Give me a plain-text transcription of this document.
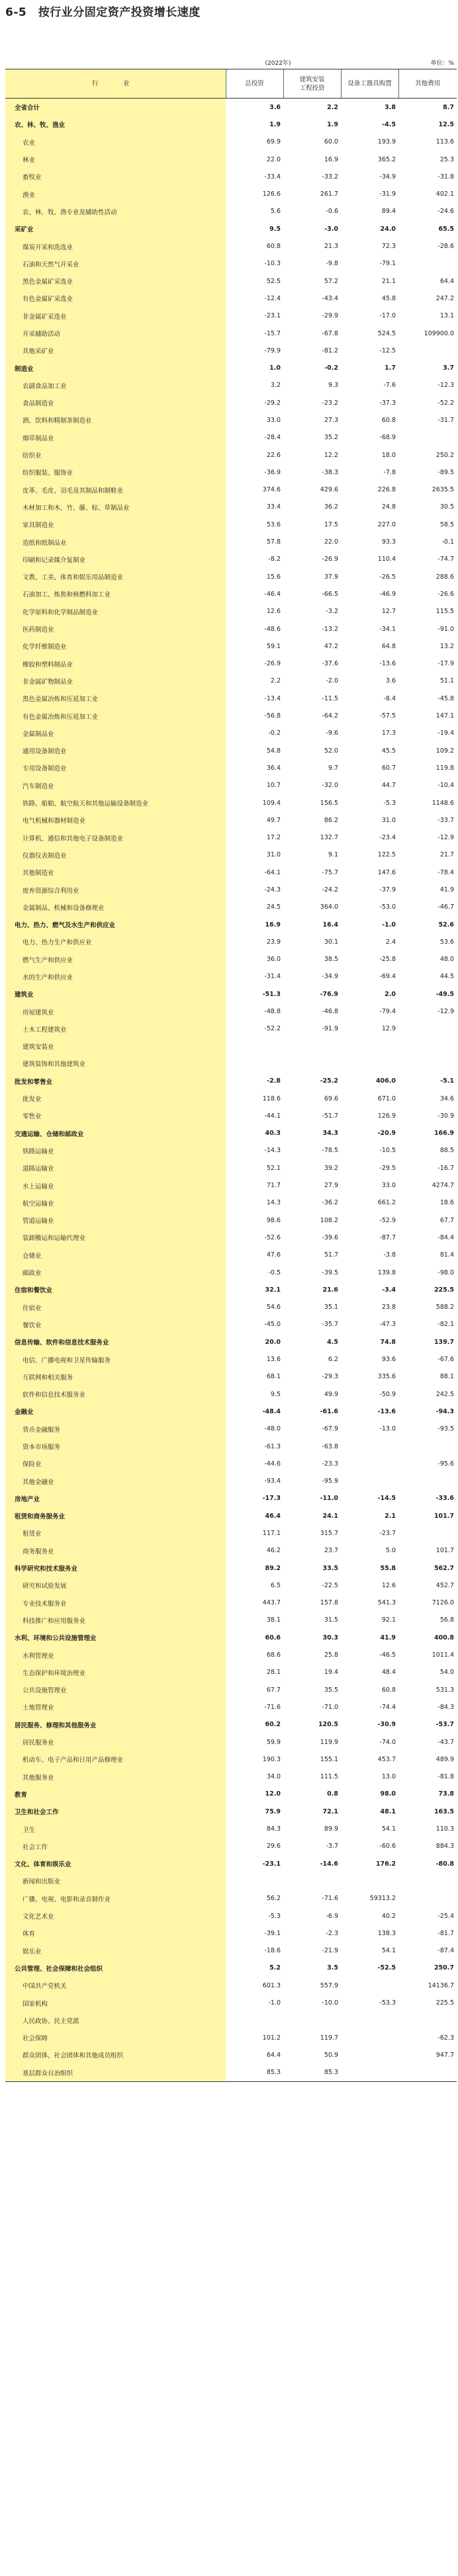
6-5　按行业分固定资产投资增长速度
(2022年)	单位：%
行　业	总投资	建筑安装
工程投资	设备工器具购置	其他费用
全省合计	3.6	2.2	3.8	8.7
农、林、牧、渔业	1.9	1.9	-4.5	12.5
农业	69.9	60.0	193.9	113.6
林业	22.0	16.9	365.2	25.3
畜牧业	-33.4	-33.2	-34.9	-31.8
渔业	126.6	261.7	-31.9	402.1
农、林、牧、渔专业及辅助性活动	5.6	-0.6	89.4	-24.6
采矿业	9.5	-3.0	24.0	65.5
煤炭开采和洗选业	60.8	21.3	72.3	-28.6
石油和天然气开采业	-10.3	-9.8	-79.1	
黑色金属矿采选业	52.5	57.2	21.1	64.4
有色金属矿采选业	-12.4	-43.4	45.8	247.2
非金属矿采选业	-23.1	-29.9	-17.0	13.1
开采辅助活动	-15.7	-67.8	524.5	109900.0
其他采矿业	-79.9	-81.2	-12.5	
制造业	1.0	-0.2	1.7	3.7
农副食品加工业	3.2	9.3	-7.6	-12.3
食品制造业	-29.2	-23.2	-37.3	-52.2
酒、饮料和精制茶制造业	33.0	27.3	60.8	-31.7
烟草制品业	-28.4	35.2	-68.9	
纺织业	22.6	12.2	18.0	250.2
纺织服装、服饰业	-36.9	-38.3	-7.8	-89.5
皮革、毛皮、羽毛及其制品和制鞋业	374.6	429.6	226.8	2635.5
木材加工和木、竹、藤、棕、草制品业	33.4	36.2	24.8	30.5
家具制造业	53.6	17.5	227.0	58.5
造纸和纸制品业	57.8	22.0	93.3	-0.1
印刷和记录媒介复制业	-8.2	-26.9	110.4	-74.7
文教、工美、体育和娱乐用品制造业	15.6	37.9	-26.5	288.6
石油加工、炼焦和核燃料加工业	-46.4	-66.5	-46.9	-26.6
化学原料和化学制品制造业	12.6	-3.2	12.7	115.5
医药制造业	-48.6	-13.2	-34.1	-91.0
化学纤维制造业	59.1	47.2	64.8	13.2
橡胶和塑料制品业	-26.9	-37.6	-13.6	-17.9
非金属矿物制品业	2.2	-2.0	3.6	51.1
黑色金属冶炼和压延加工业	-13.4	-11.5	-8.4	-45.8
有色金属冶炼和压延加工业	-56.8	-64.2	-57.5	147.1
金属制品业	-0.2	-9.6	17.3	-19.4
通用设备制造业	54.8	52.0	45.5	109.2
专用设备制造业	36.4	9.7	60.7	119.8
汽车制造业	10.7	-32.0	44.7	-10.4
铁路、船舶、航空航天和其他运输设备制造业	109.4	156.5	-5.3	1148.6
电气机械和器材制造业	49.7	86.2	31.0	-33.7
计算机、通信和其他电子设备制造业	17.2	132.7	-23.4	-12.9
仪器仪表制造业	31.0	9.1	122.5	21.7
其他制造业	-64.1	-75.7	147.6	-78.4
废弃资源综合利用业	-24.3	-24.2	-37.9	41.9
金属制品、机械和设备修理业	24.5	364.0	-53.0	-46.7
电力、热力、燃气及水生产和供应业	16.9	16.4	-1.0	52.6
电力、热力生产和供应业	23.9	30.1	2.4	53.6
燃气生产和供应业	36.0	38.5	-25.8	48.0
水的生产和供应业	-31.4	-34.9	-69.4	44.5
建筑业	-51.3	-76.9	2.0	-49.5
房屋建筑业	-48.8	-46.8	-79.4	-12.9
土木工程建筑业	-52.2	-91.9	12.9	
建筑安装业				
建筑装饰和其他建筑业				
批发和零售业	-2.8	-25.2	406.0	-5.1
批发业	118.6	69.6	671.0	34.6
零售业	-44.1	-51.7	126.9	-30.9
交通运输、仓储和邮政业	40.3	34.3	-20.9	166.9
铁路运输业	-14.3	-78.5	-10.5	88.5
道路运输业	52.1	39.2	-29.5	-16.7
水上运输业	71.7	27.9	33.0	4274.7
航空运输业	14.3	-36.2	661.2	18.6
管道运输业	98.6	108.2	-52.9	67.7
装卸搬运和运输代理业	-52.6	-39.6	-87.7	-84.4
仓储业	47.6	51.7	-3.8	81.4
邮政业	-0.5	-39.5	139.8	-98.0
住宿和餐饮业	32.1	21.6	-3.4	225.5
住宿业	54.6	35.1	23.8	588.2
餐饮业	-45.0	-35.7	-47.3	-82.1
信息传输、软件和信息技术服务业	20.0	4.5	74.8	139.7
电信、广播电视和卫星传输服务	13.6	6.2	93.6	-67.6
互联网和相关服务	68.1	-29.3	335.6	88.1
软件和信息技术服务业	9.5	49.9	-50.9	242.5
金融业	-48.4	-61.6	-13.6	-94.3
货币金融服务	-48.0	-67.9	-13.0	-93.5
资本市场服务	-61.3	-63.8		
保险业	-44.6	-23.3		-95.6
其他金融业	-93.4	-95.9		
房地产业	-17.3	-11.0	-14.5	-33.6
租赁和商务服务业	46.4	24.1	2.1	101.7
租赁业	117.1	315.7	-23.7	
商务服务业	46.2	23.7	5.0	101.7
科学研究和技术服务业	89.2	33.5	55.8	562.7
研究和试验发展	6.5	-22.5	12.6	452.7
专业技术服务业	443.7	157.8	541.3	7126.0
科技推广和应用服务业	38.1	31.5	92.1	56.8
水利、环境和公共设施管理业	60.6	30.3	41.9	400.8
水利管理业	68.6	25.8	-46.5	1011.4
生态保护和环境治理业	28.1	19.4	48.4	54.0
公共设施管理业	67.7	35.5	60.8	531.3
土地管理业	-71.6	-71.0	-74.4	-84.3
居民服务、修理和其他服务业	60.2	120.5	-30.9	-53.7
居民服务业	59.9	119.9	-74.0	-43.7
机动车、电子产品和日用产品修理业	190.3	155.1	453.7	489.9
其他服务业	34.0	111.5	13.0	-81.8
教育	12.0	0.8	98.0	73.8
卫生和社会工作	75.9	72.1	48.1	163.5
卫生	84.3	89.9	54.1	110.3
社会工作	29.6	-3.7	-60.6	884.3
文化、体育和娱乐业	-23.1	-14.6	176.2	-80.8
新闻和出版业				
广播、电视、电影和录音制作业	56.2	-71.6	59313.2	
文化艺术业	-5.3	-6.9	40.2	-25.4
体育	-39.1	-2.3	138.3	-81.7
娱乐业	-18.6	-21.9	54.1	-87.4
公共管理、社会保障和社会组织	5.2	3.5	-52.5	250.7
中国共产党机关	601.3	557.9		14136.7
国家机构	-1.0	-10.0	-53.3	225.5
人民政协、民主党派				
社会保障	101.2	119.7		-62.3
群众团体、社会团体和其他成员组织	64.4	50.9		947.7
基层群众自治组织	85.3	85.3		
